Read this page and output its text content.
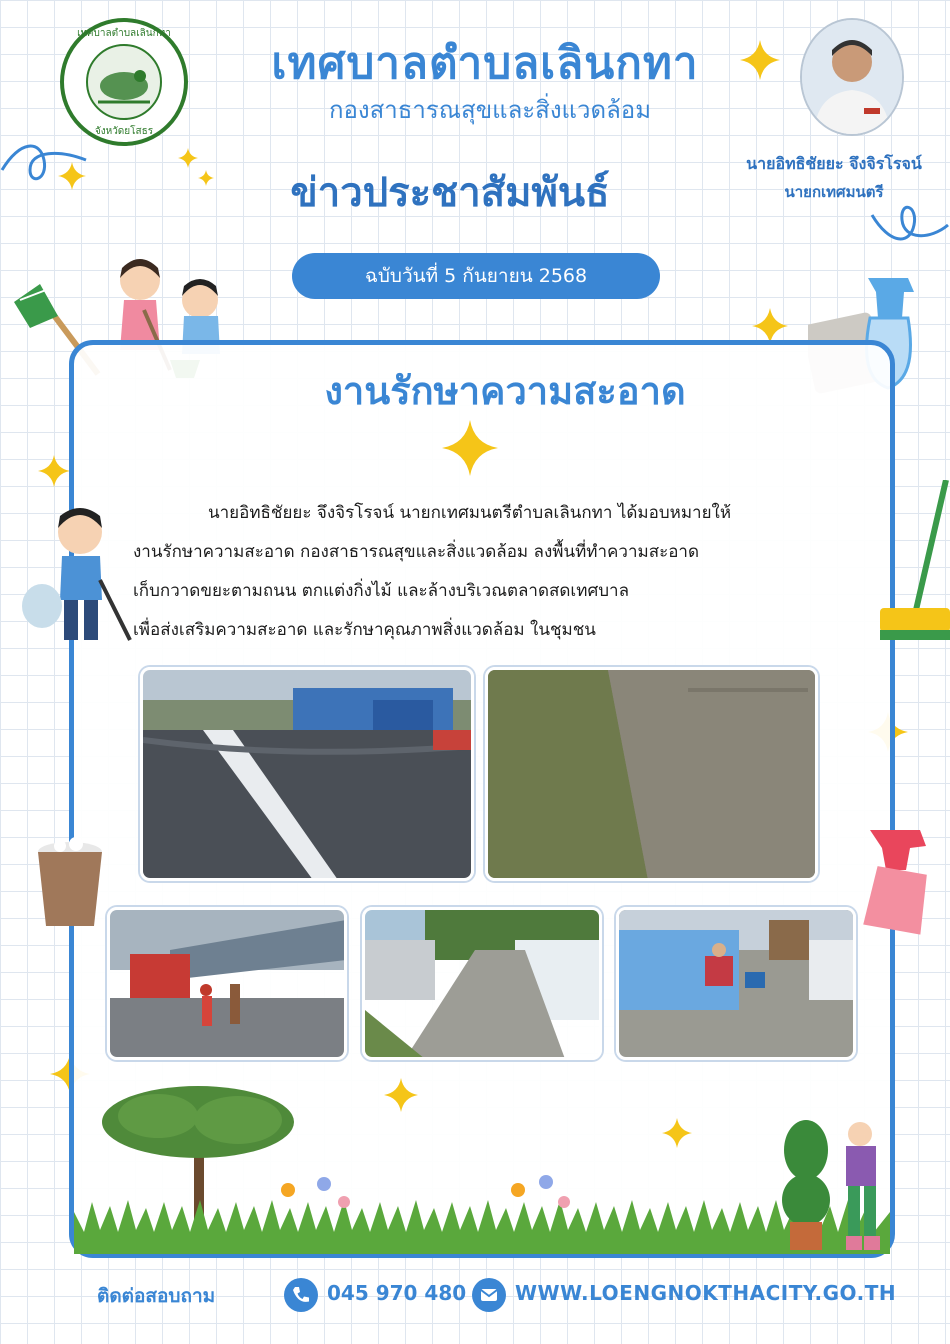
เทศบาลตำบลเลินกทา
จังหวัดยโสธร
เทศบาลตำบลเลินกทา
กองสาธารณสุขและสิ่งแวดล้อม
ข่าวประชาสัมพันธ์
ฉบับวันที่ 5 กันยายน 2568
นายอิทธิชัยยะ จึงจิรโรจน์
นายกเทศมนตรี
งานรักษาความสะอาด
นายอิทธิชัยยะ จึงจิรโรจน์ นายกเทศมนตรีตำบลเลินกทา ได้มอบหมายให้
งานรักษาความสะอาด กองสาธารณสุขและสิ่งแวดล้อม ลงพื้นที่ทำความสะอาด
เก็บกวาดขยะตามถนน ตกแต่งกิ่งไม้ และล้างบริเวณตลาดสดเทศบาล
เพื่อส่งเสริมความสะอาด และรักษาคุณภาพสิ่งแวดล้อม ในชุมชน
ติดต่อสอบถาม	045 970 480 WWW.LOENGNOKTHACITY.GO.TH
